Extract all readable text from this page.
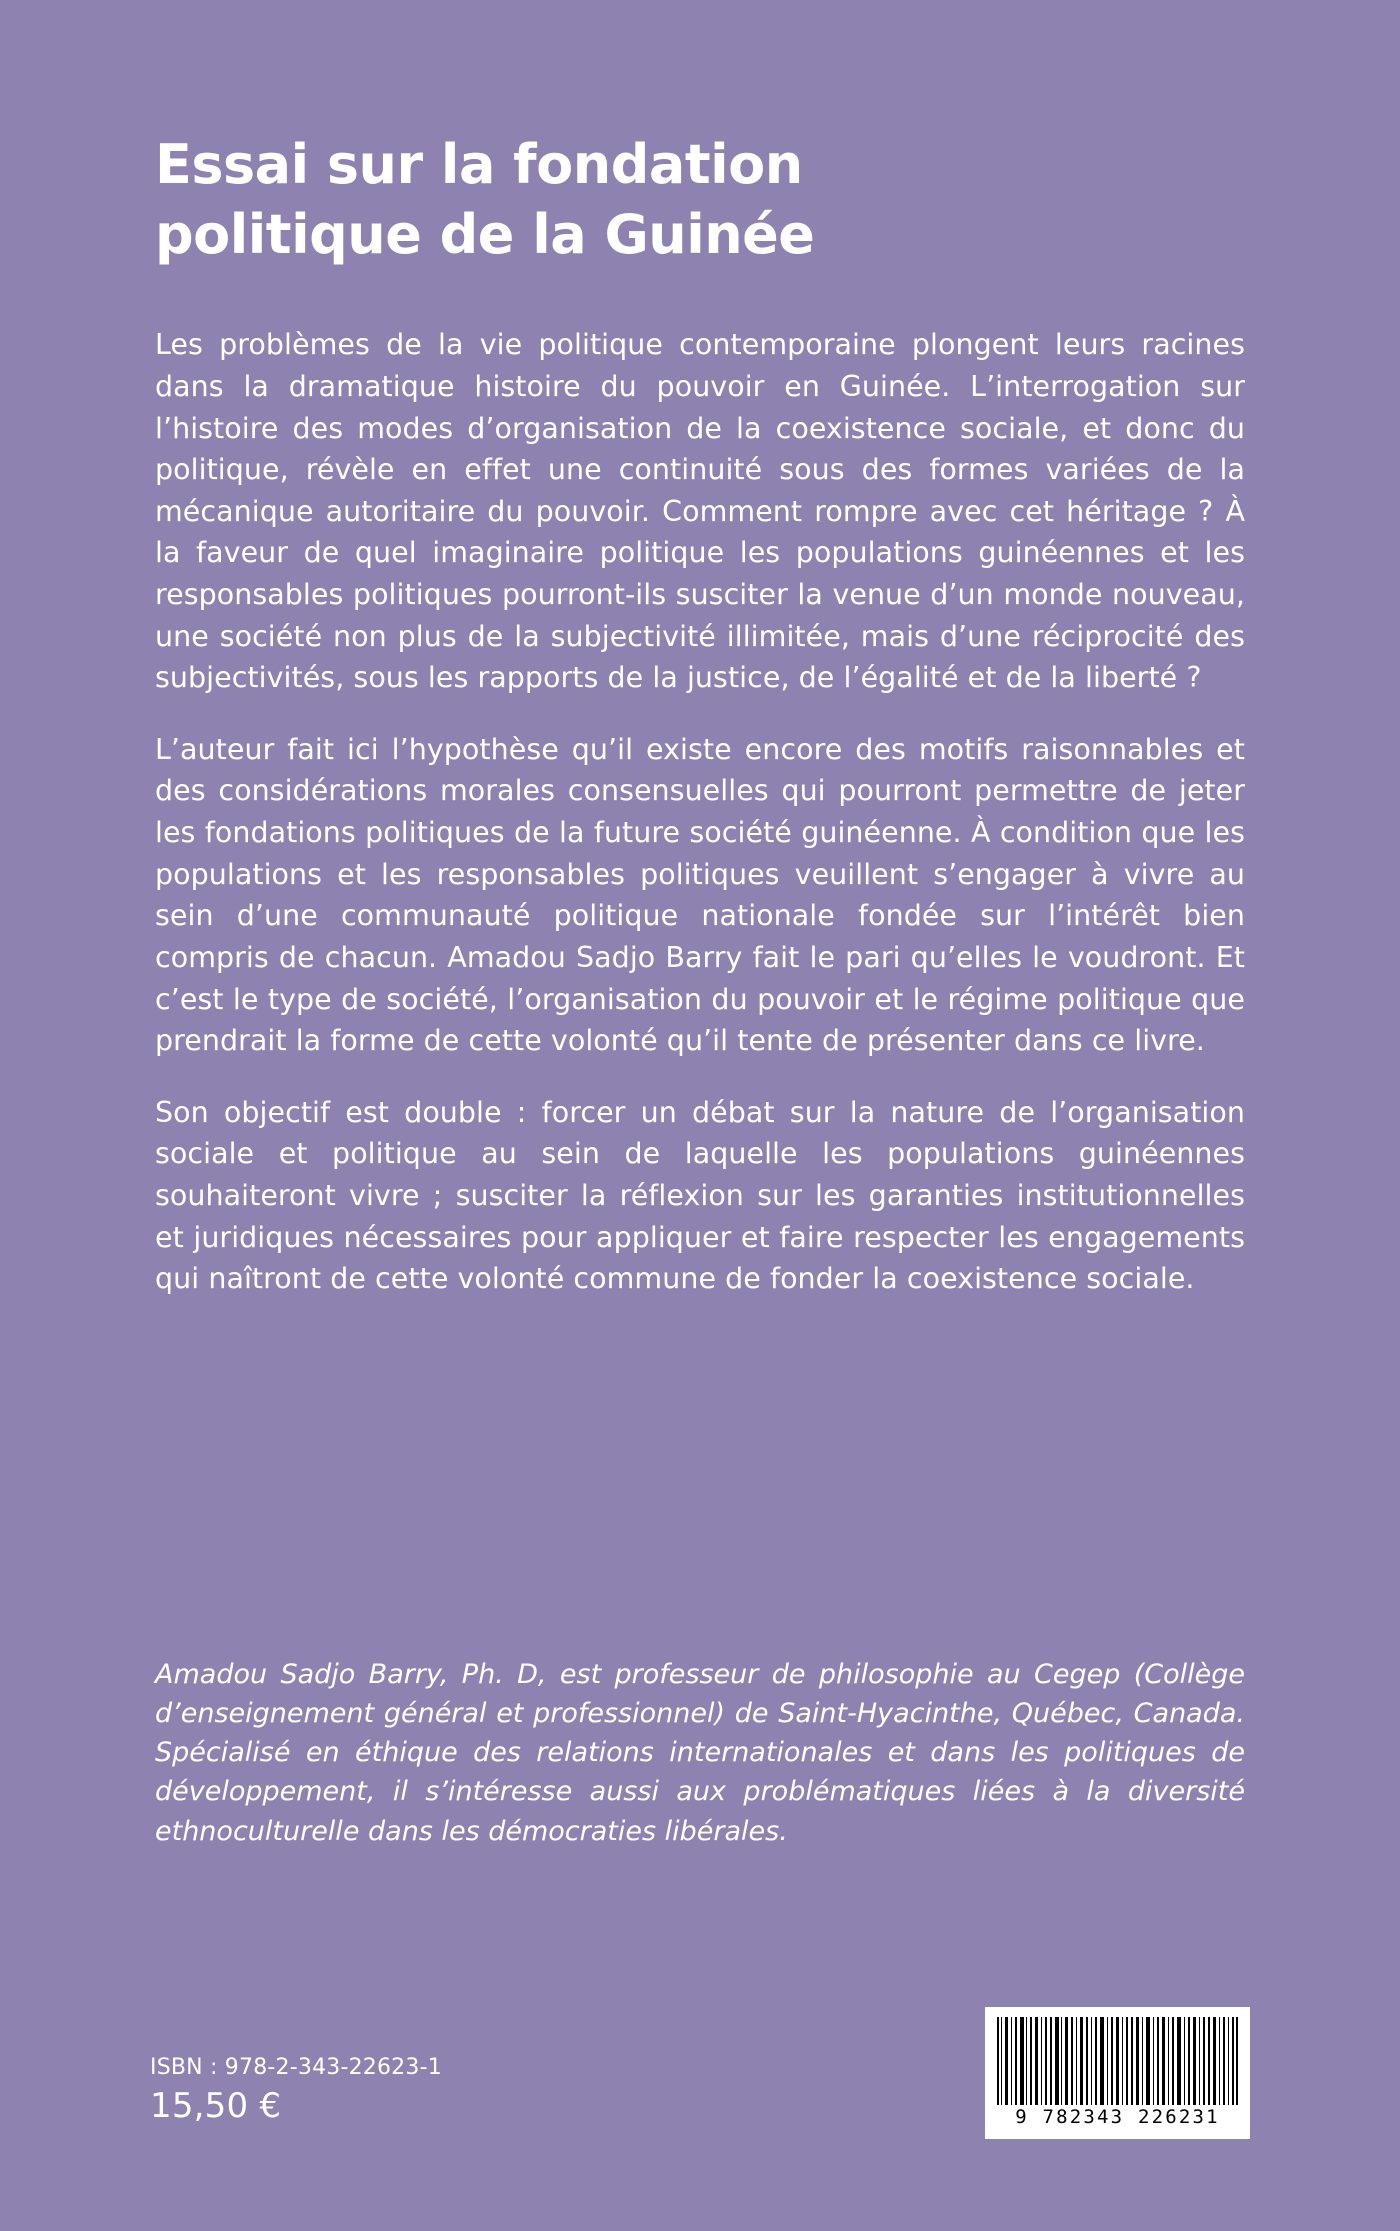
Essai sur la fondation politique de la Guinée

Les problèmes de la vie politique contemporaine plongent leurs racines dans la dramatique histoire du pouvoir en Guinée. L’interrogation sur l’histoire des modes d’organisation de la coexistence sociale, et donc du politique, révèle en effet une continuité sous des formes variées de la mécanique autoritaire du pouvoir. Comment rompre avec cet héritage ? À la faveur de quel imaginaire politique les populations guinéennes et les responsables politiques pourront-ils susciter la venue d’un monde nouveau, une société non plus de la subjectivité illimitée, mais d’une réciprocité des subjectivités, sous les rapports de la justice, de l’égalité et de la liberté ?

L’auteur fait ici l’hypothèse qu’il existe encore des motifs raisonnables et des considérations morales consensuelles qui pourront permettre de jeter les fondations politiques de la future société guinéenne. À condition que les populations et les responsables politiques veuillent s’engager à vivre au sein d’une communauté politique nationale fondée sur l’intérêt bien compris de chacun. Amadou Sadjo Barry fait le pari qu’elles le voudront. Et c’est le type de société, l’organisation du pouvoir et le régime politique que prendrait la forme de cette volonté qu’il tente de présenter dans ce livre.

Son objectif est double : forcer un débat sur la nature de l’organisation sociale et politique au sein de laquelle les populations guinéennes souhaiteront vivre ; susciter la réflexion sur les garanties institutionnelles et juridiques nécessaires pour appliquer et faire respecter les engagements qui naîtront de cette volonté commune de fonder la coexistence sociale.

Amadou Sadjo Barry, Ph. D, est professeur de philosophie au Cegep (Collège d’enseignement général et professionnel) de Saint-Hyacinthe, Québec, Canada. Spécialisé en éthique des relations internationales et dans les politiques de développement, il s’intéresse aussi aux problématiques liées à la diversité ethnoculturelle dans les démocraties libérales.

ISBN : 978-2-343-22623-1

15,50 €	9 782343 226231
